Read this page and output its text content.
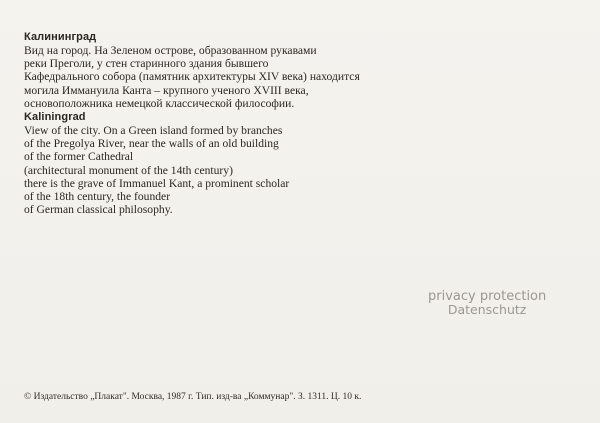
Калининград
Вид на город. На Зеленом острове, образованном рукавами
реки Преголи, у стен старинного здания бывшего
Кафедрального собора (памятник архитектуры XIV века) находится
могила Иммануила Канта – крупного ученого XVIII века,
основоположника немецкой классической философии.
Kaliningrad
View of the city. On a Green island formed by branches
of the Pregolya River, near the walls of an old building
of the former Cathedral
(architectural monument of the 14th century)
there is the grave of Immanuel Kant, a prominent scholar
of the 18th century, the founder
of German classical philosophy.
privacy protection
Datenschutz
© Издательство „Плакат". Москва, 1987 г. Тип. изд-ва „Коммунар". З. 1311. Ц. 10 к.
